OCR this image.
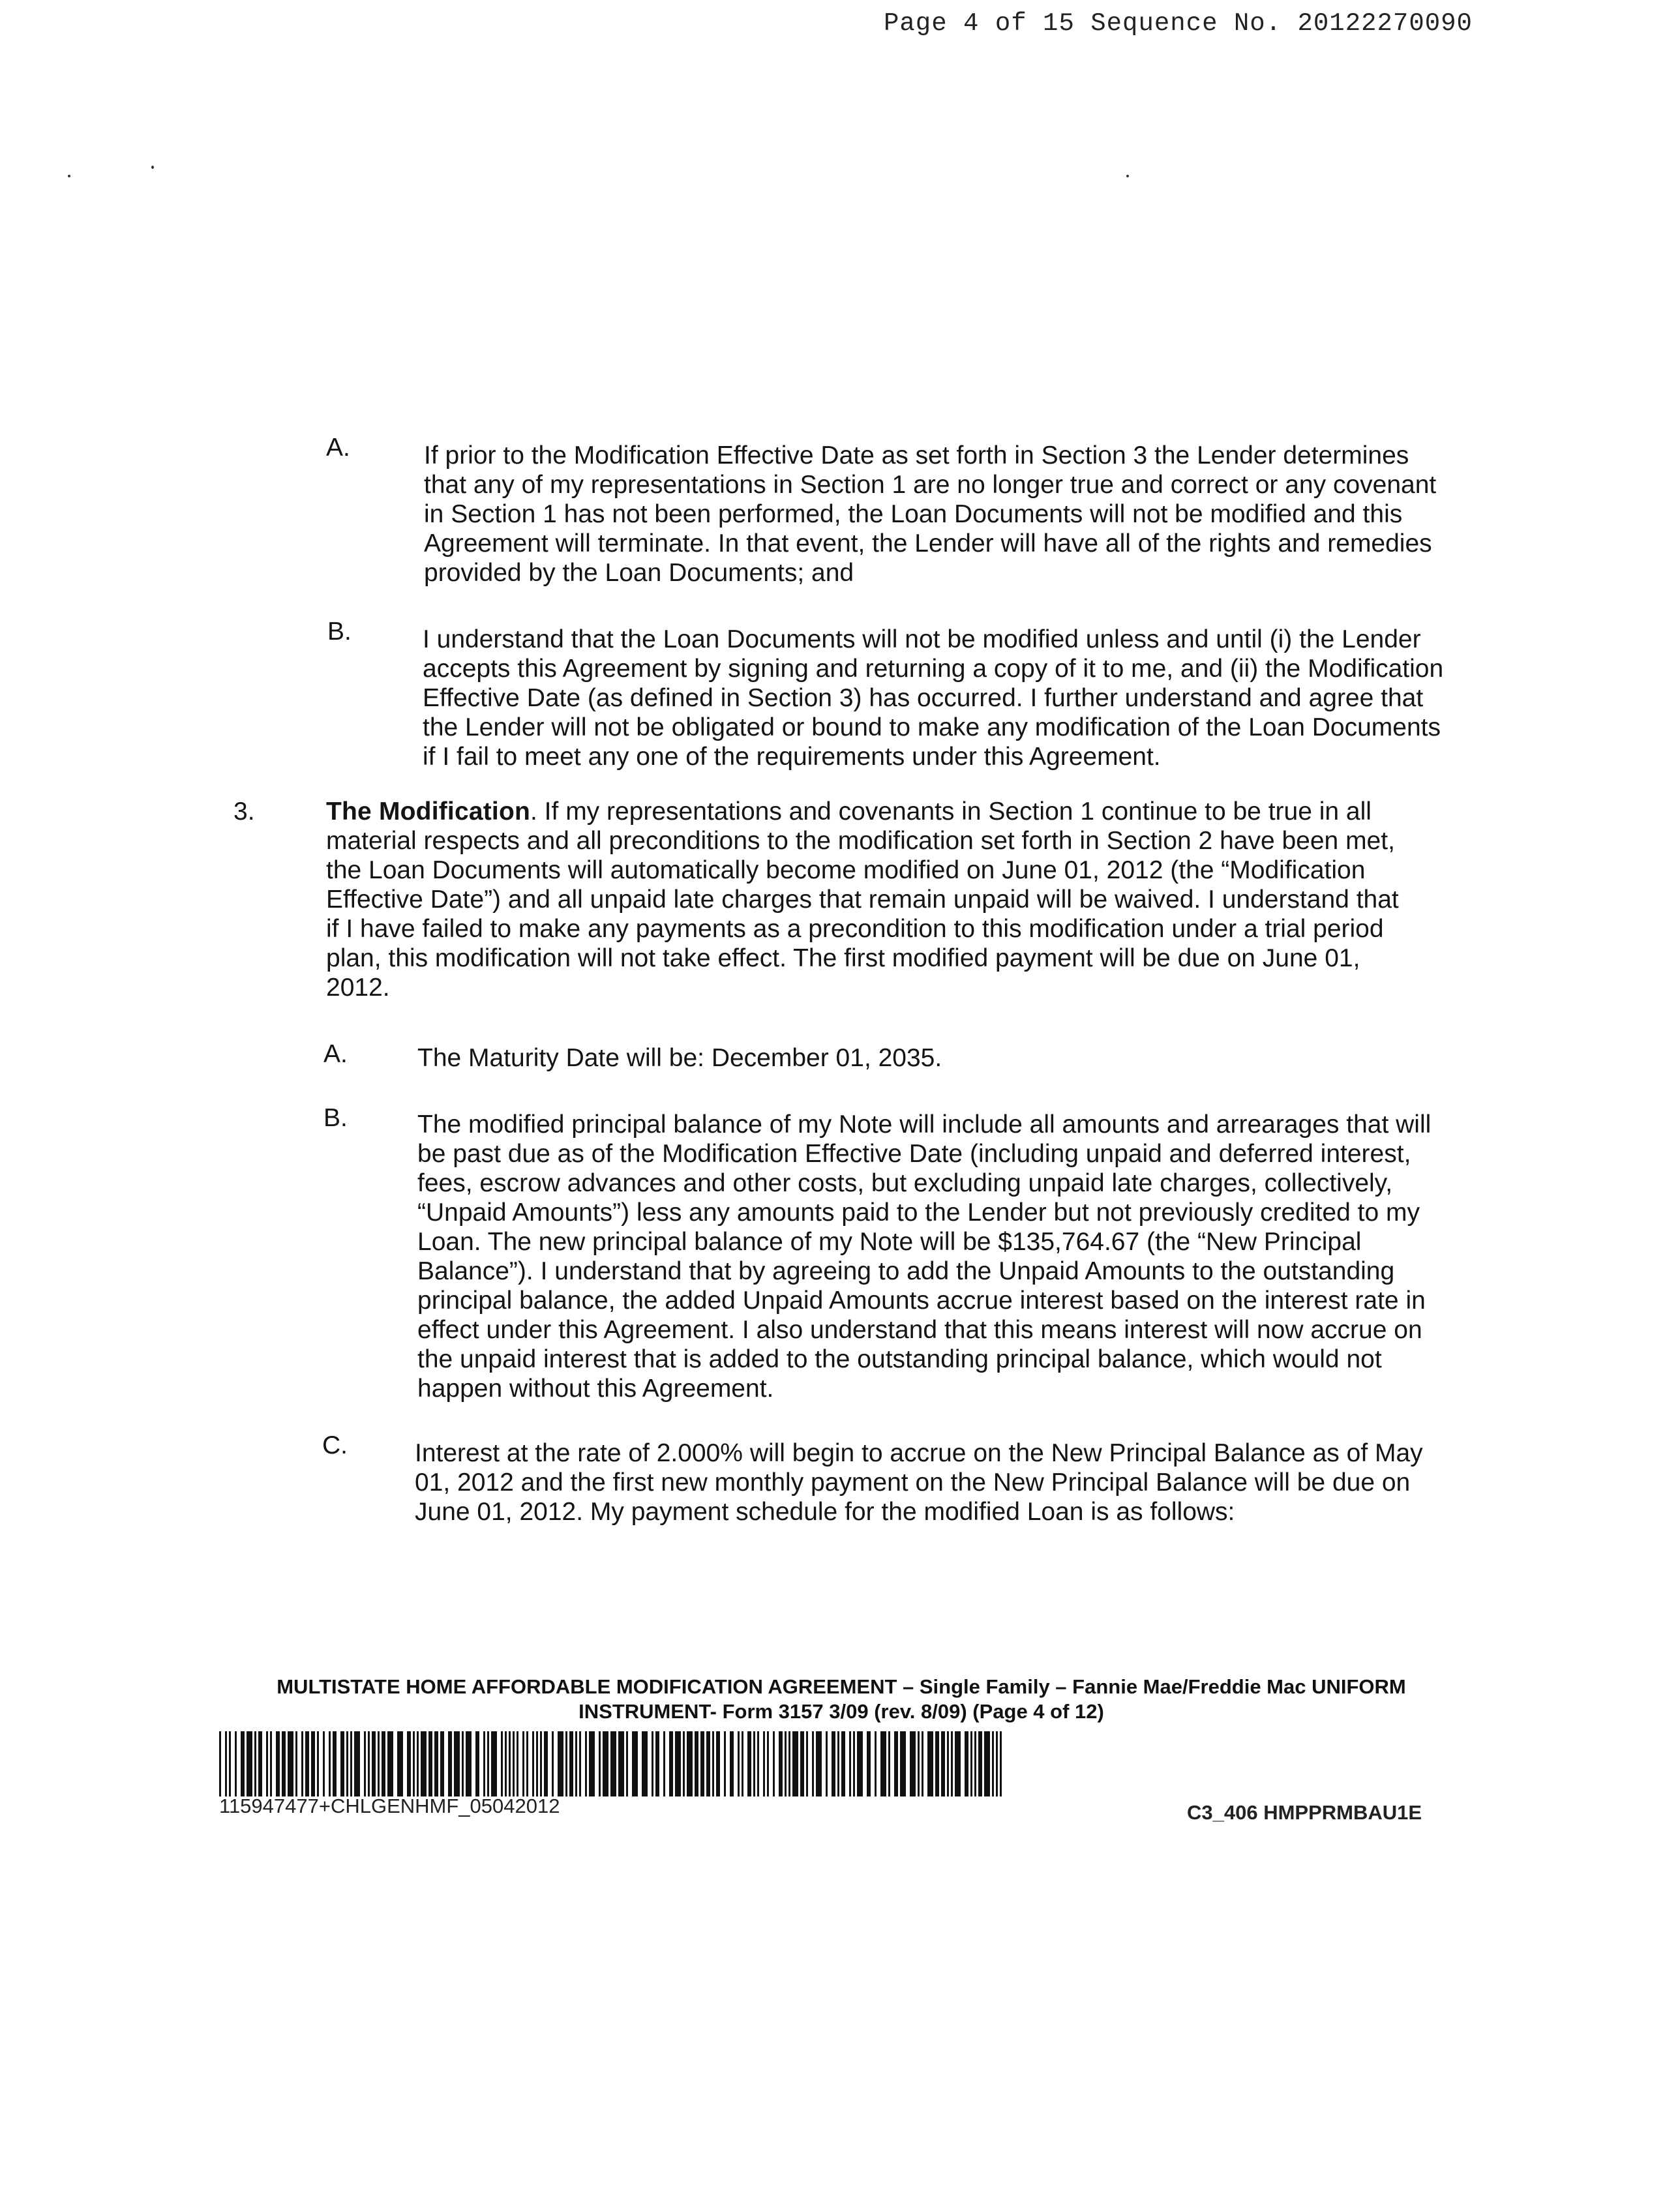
Page 4 of 15 Sequence No. 20122270090
A.	If prior to the Modification Effective Date as set forth in Section 3 the Lender determines that any of my representations in Section 1 are no longer true and correct or any covenant in Section 1 has not been performed, the Loan Documents will not be modified and this Agreement will terminate. In that event, the Lender will have all of the rights and remedies provided by the Loan Documents; and
B.	I understand that the Loan Documents will not be modified unless and until (i) the Lender accepts this Agreement by signing and returning a copy of it to me, and (ii) the Modification Effective Date (as defined in Section 3) has occurred. I further understand and agree that the Lender will not be obligated or bound to make any modification of the Loan Documents if I fail to meet any one of the requirements under this Agreement.
3.	The Modification. If my representations and covenants in Section 1 continue to be true in all material respects and all preconditions to the modification set forth in Section 2 have been met, the Loan Documents will automatically become modified on June 01, 2012 (the “Modification Effective Date”) and all unpaid late charges that remain unpaid will be waived. I understand that if I have failed to make any payments as a precondition to this modification under a trial period plan, this modification will not take effect. The first modified payment will be due on June 01, 2012.
A.	The Maturity Date will be: December 01, 2035.
B.	The modified principal balance of my Note will include all amounts and arrearages that will be past due as of the Modification Effective Date (including unpaid and deferred interest, fees, escrow advances and other costs, but excluding unpaid late charges, collectively, “Unpaid Amounts”) less any amounts paid to the Lender but not previously credited to my Loan. The new principal balance of my Note will be $135,764.67 (the “New Principal Balance”). I understand that by agreeing to add the Unpaid Amounts to the outstanding principal balance, the added Unpaid Amounts accrue interest based on the interest rate in effect under this Agreement. I also understand that this means interest will now accrue on the unpaid interest that is added to the outstanding principal balance, which would not happen without this Agreement.
C.	Interest at the rate of 2.000% will begin to accrue on the New Principal Balance as of May 01, 2012 and the first new monthly payment on the New Principal Balance will be due on June 01, 2012. My payment schedule for the modified Loan is as follows:
MULTISTATE HOME AFFORDABLE MODIFICATION AGREEMENT – Single Family – Fannie Mae/Freddie Mac UNIFORM
INSTRUMENT- Form 3157 3/09 (rev. 8/09) (Page 4 of 12)
115947477+CHLGENHMF_05042012	C3_406 HMPPRMBAU1E
